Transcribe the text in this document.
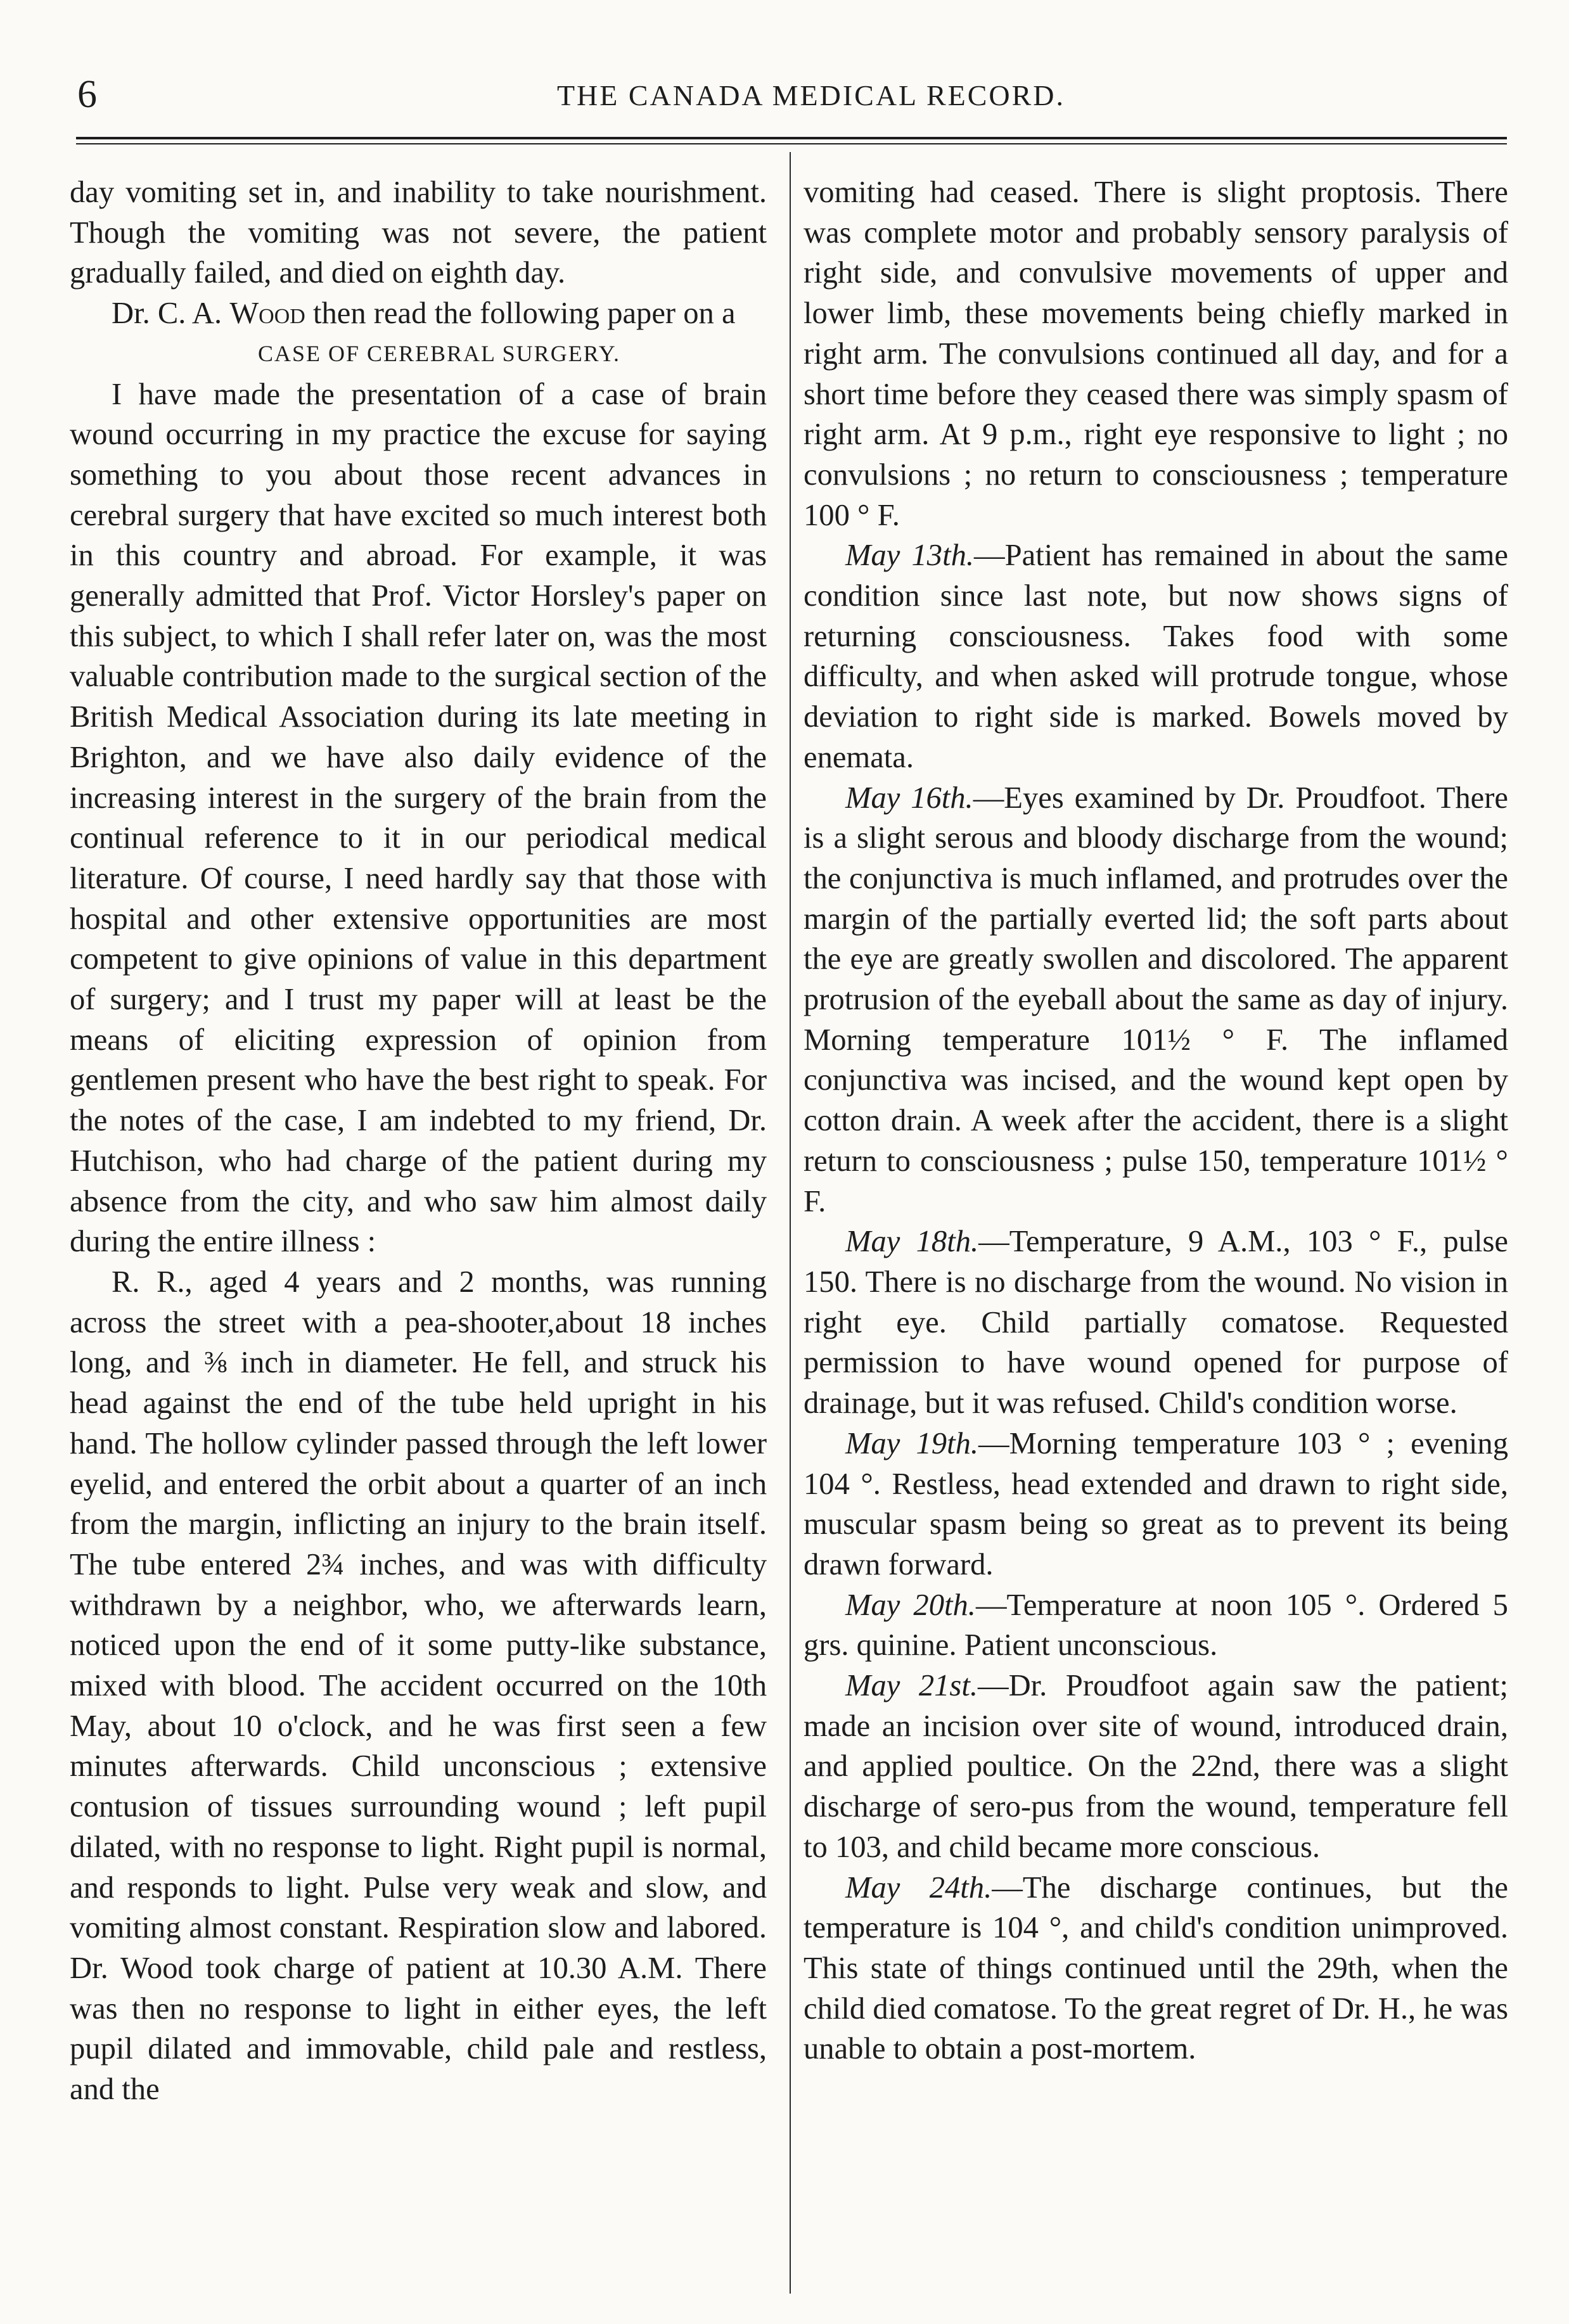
6	THE CANADA MEDICAL RECORD.

day vomiting set in, and inability to take nourishment. Though the vomiting was not severe, the patient gradually failed, and died on eighth day.

Dr. C. A. Wood then read the following paper on a

CASE OF CEREBRAL SURGERY.

I have made the presentation of a case of brain wound occurring in my practice the excuse for saying something to you about those recent advances in cerebral surgery that have excited so much interest both in this country and abroad. For example, it was generally admitted that Prof. Victor Horsley's paper on this subject, to which I shall refer later on, was the most valuable contribution made to the surgical section of the British Medical Association during its late meeting in Brighton, and we have also daily evidence of the increasing interest in the surgery of the brain from the continual reference to it in our periodical medical literature. Of course, I need hardly say that those with hospital and other extensive opportunities are most competent to give opinions of value in this department of surgery; and I trust my paper will at least be the means of eliciting expression of opinion from gentlemen present who have the best right to speak. For the notes of the case, I am indebted to my friend, Dr. Hutchison, who had charge of the patient during my absence from the city, and who saw him almost daily during the entire illness :

R. R., aged 4 years and 2 months, was running across the street with a pea-shooter,about 18 inches long, and ⅜ inch in diameter. He fell, and struck his head against the end of the tube held upright in his hand. The hollow cylinder passed through the left lower eyelid, and entered the orbit about a quarter of an inch from the margin, inflicting an injury to the brain itself. The tube entered 2¾ inches, and was with difficulty withdrawn by a neighbor, who, we afterwards learn, noticed upon the end of it some putty-like substance, mixed with blood. The accident occurred on the 10th May, about 10 o'clock, and he was first seen a few minutes afterwards. Child unconscious ; extensive contusion of tissues surrounding wound ; left pupil dilated, with no response to light. Right pupil is normal, and responds to light. Pulse very weak and slow, and vomiting almost constant. Respiration slow and labored. Dr. Wood took charge of patient at 10.30 A.M. There was then no response to light in either eyes, the left pupil dilated and immovable, child pale and restless, and the

vomiting had ceased. There is slight proptosis. There was complete motor and probably sensory paralysis of right side, and convulsive movements of upper and lower limb, these movements being chiefly marked in right arm. The convulsions continued all day, and for a short time before they ceased there was simply spasm of right arm. At 9 p.m., right eye responsive to light ; no convulsions ; no return to consciousness ; temperature 100 ° F.

May 13th.—Patient has remained in about the same condition since last note, but now shows signs of returning consciousness. Takes food with some difficulty, and when asked will protrude tongue, whose deviation to right side is marked. Bowels moved by enemata.

May 16th.—Eyes examined by Dr. Proudfoot. There is a slight serous and bloody discharge from the wound; the conjunctiva is much inflamed, and protrudes over the margin of the partially everted lid; the soft parts about the eye are greatly swollen and discolored. The apparent protrusion of the eyeball about the same as day of injury. Morning temperature 101½ ° F. The inflamed conjunctiva was incised, and the wound kept open by cotton drain. A week after the accident, there is a slight return to consciousness ; pulse 150, temperature 101½ ° F.

May 18th.—Temperature, 9 A.M., 103 ° F., pulse 150. There is no discharge from the wound. No vision in right eye. Child partially comatose. Requested permission to have wound opened for purpose of drainage, but it was refused. Child's condition worse.

May 19th.—Morning temperature 103 ° ; evening 104 °. Restless, head extended and drawn to right side, muscular spasm being so great as to prevent its being drawn forward.

May 20th.—Temperature at noon 105 °. Ordered 5 grs. quinine. Patient unconscious.

May 21st.—Dr. Proudfoot again saw the patient; made an incision over site of wound, introduced drain, and applied poultice. On the 22nd, there was a slight discharge of sero-pus from the wound, temperature fell to 103, and child became more conscious.

May 24th.—The discharge continues, but the temperature is 104 °, and child's condition unimproved. This state of things continued until the 29th, when the child died comatose. To the great regret of Dr. H., he was unable to obtain a post-mortem.
